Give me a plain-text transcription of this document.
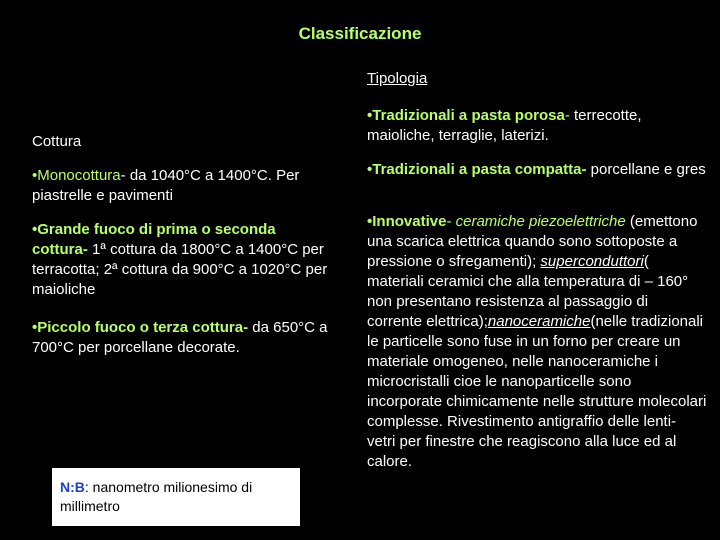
Classificazione
Tipologia
Cottura
•Monocottura- da 1040°C a 1400°C. Per piastrelle e pavimenti
•Grande fuoco di prima o seconda cottura- 1ª cottura da 1800°C a 1400°C per terracotta; 2ª cottura da 900°C a 1020°C per maioliche
•Piccolo fuoco o terza cottura- da 650°C a 700°C per porcellane decorate.
N:B: nanometro milionesimo di millimetro
•Tradizionali a pasta porosa- terrecotte, maioliche, terraglie, laterizi.
•Tradizionali a pasta compatta- porcellane e gres
•Innovative- ceramiche piezoelettriche (emettono una scarica elettrica quando sono sottoposte a pressione o sfregamenti); superconduttori( materiali ceramici che alla temperatura di – 160° non presentano resistenza al passaggio di corrente elettrica);nanoceramiche(nelle tradizionali le particelle sono fuse in un forno per creare un materiale omogeneo, nelle nanoceramiche i microcristalli cioe le nanoparticelle sono incorporate chimicamente nelle strutture molecolari complesse. Rivestimento antigraffio delle lenti- vetri per finestre che reagiscono alla luce ed al calore.
